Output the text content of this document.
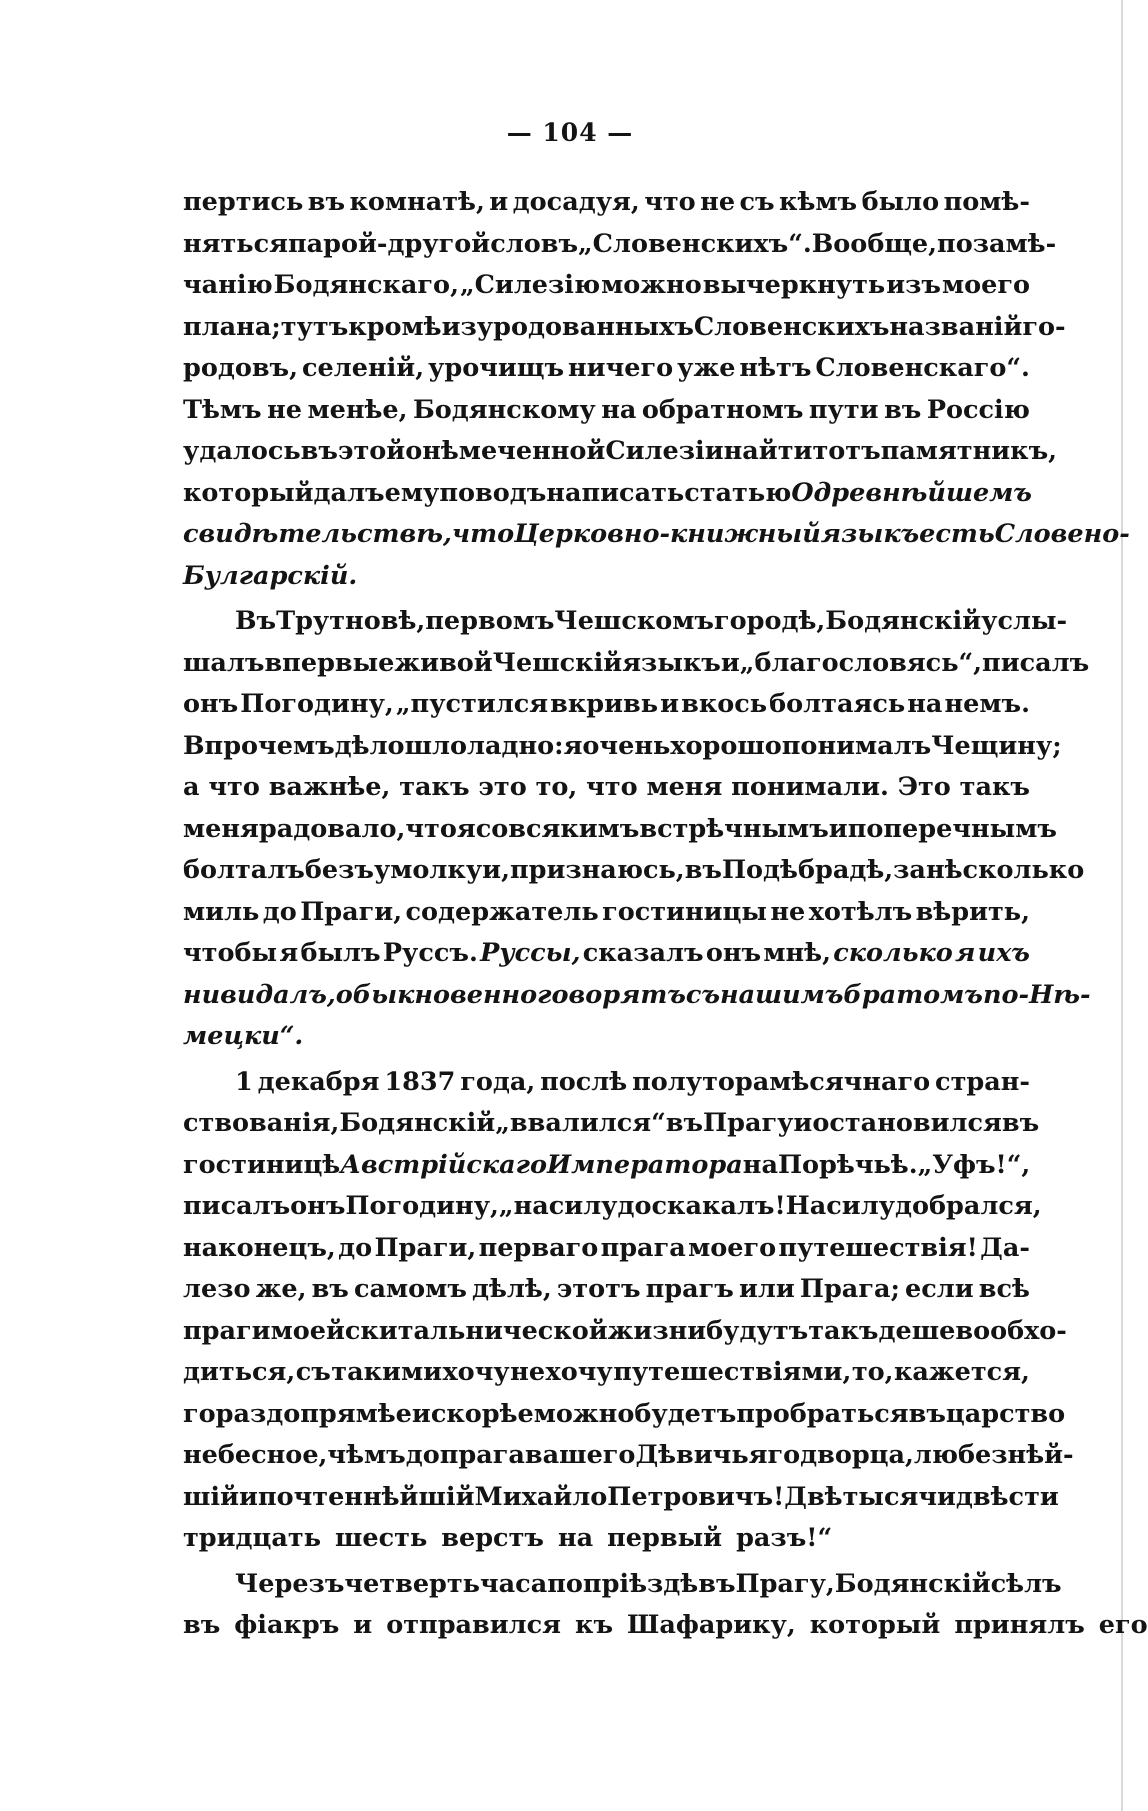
— 104 —
пертись въ комнатѣ, и досадуя, что не съ кѣмъ было помѣ-
няться парой-другой словъ „Словенскихъ“. Вообще, по замѣ-
чанію Бодянскаго, „Силезію можно вычеркнуть изъ моего
плана; тутъ кромѣ изуродованныхъ Словенскихъ названій го-
родовъ, селеній, урочищъ ничего уже нѣтъ Словенскаго“.
Тѣмъ не менѣе, Бодянскому на обратномъ пути въ Россію
удалось въ этой онѣмеченной Силезіи найти тотъ памятникъ,
который далъ ему поводъ написать статью О древнѣйшемъ
свидѣтельствѣ, что Церковно-книжный языкъ есть Словено-
Булгарскій.
Въ Трутновѣ, первомъ Чешскомъ городѣ, Бодянскій услы-
шалъ впервые живой Чешскій языкъ и „благословясь“, писалъ
онъ Погодину, „пустился вкривь и вкось болтаясь на немъ.
Впрочемъ дѣло шло ладно: я очень хорошо понималъ Чещину;
а что важнѣе, такъ это то, что меня понимали. Это такъ
меня радовало, что я со всякимъ встрѣчнымъ и поперечнымъ
болталъ безъ умолку и, признаюсь, въ Подѣбрадѣ, за нѣсколько
миль до Праги, содержатель гостиницы не хотѣлъ вѣрить,
чтобы я былъ Руссъ. Руссы, сказалъ онъ мнѣ, сколько я ихъ
ни видалъ, обыкновенно говорятъ съ нашимъ братомъ по-Нѣ-
мецки“.
1 декабря 1837 года, послѣ полуторамѣсячнаго стран-
ствованія, Бодянскій „ввалился“ въ Прагу и остановился въ
гостиницѣ Австрійскаго Императора на Порѣчьѣ. „Уфъ!“,
писалъ онъ Погодину, „насилу доскакалъ! Насилу добрался,
наконецъ, до Праги, перваго прага моего путешествія! Да-
лезо же, въ самомъ дѣлѣ, этотъ прагъ или Прага; если всѣ
праги моей скитальнической жизни будутъ такъ дешево обхо-
диться, съ такими хочу не хочу путешествіями, то, кажется,
гораздо прямѣе и скорѣе можно будетъ пробраться въ царство
небесное, чѣмъ до прага вашего Дѣвичьяго дворца, любезнѣй-
шій и почтеннѣйшій Михайло Петровичъ! Двѣ тысячи двѣсти
тридцать шесть верстъ на первый разъ!“
Черезъ четверть часа по пріѣздѣ въ Прагу, Бодянскій сѣлъ
въ фіакръ и отправился къ Шафарику, который принялъ его
